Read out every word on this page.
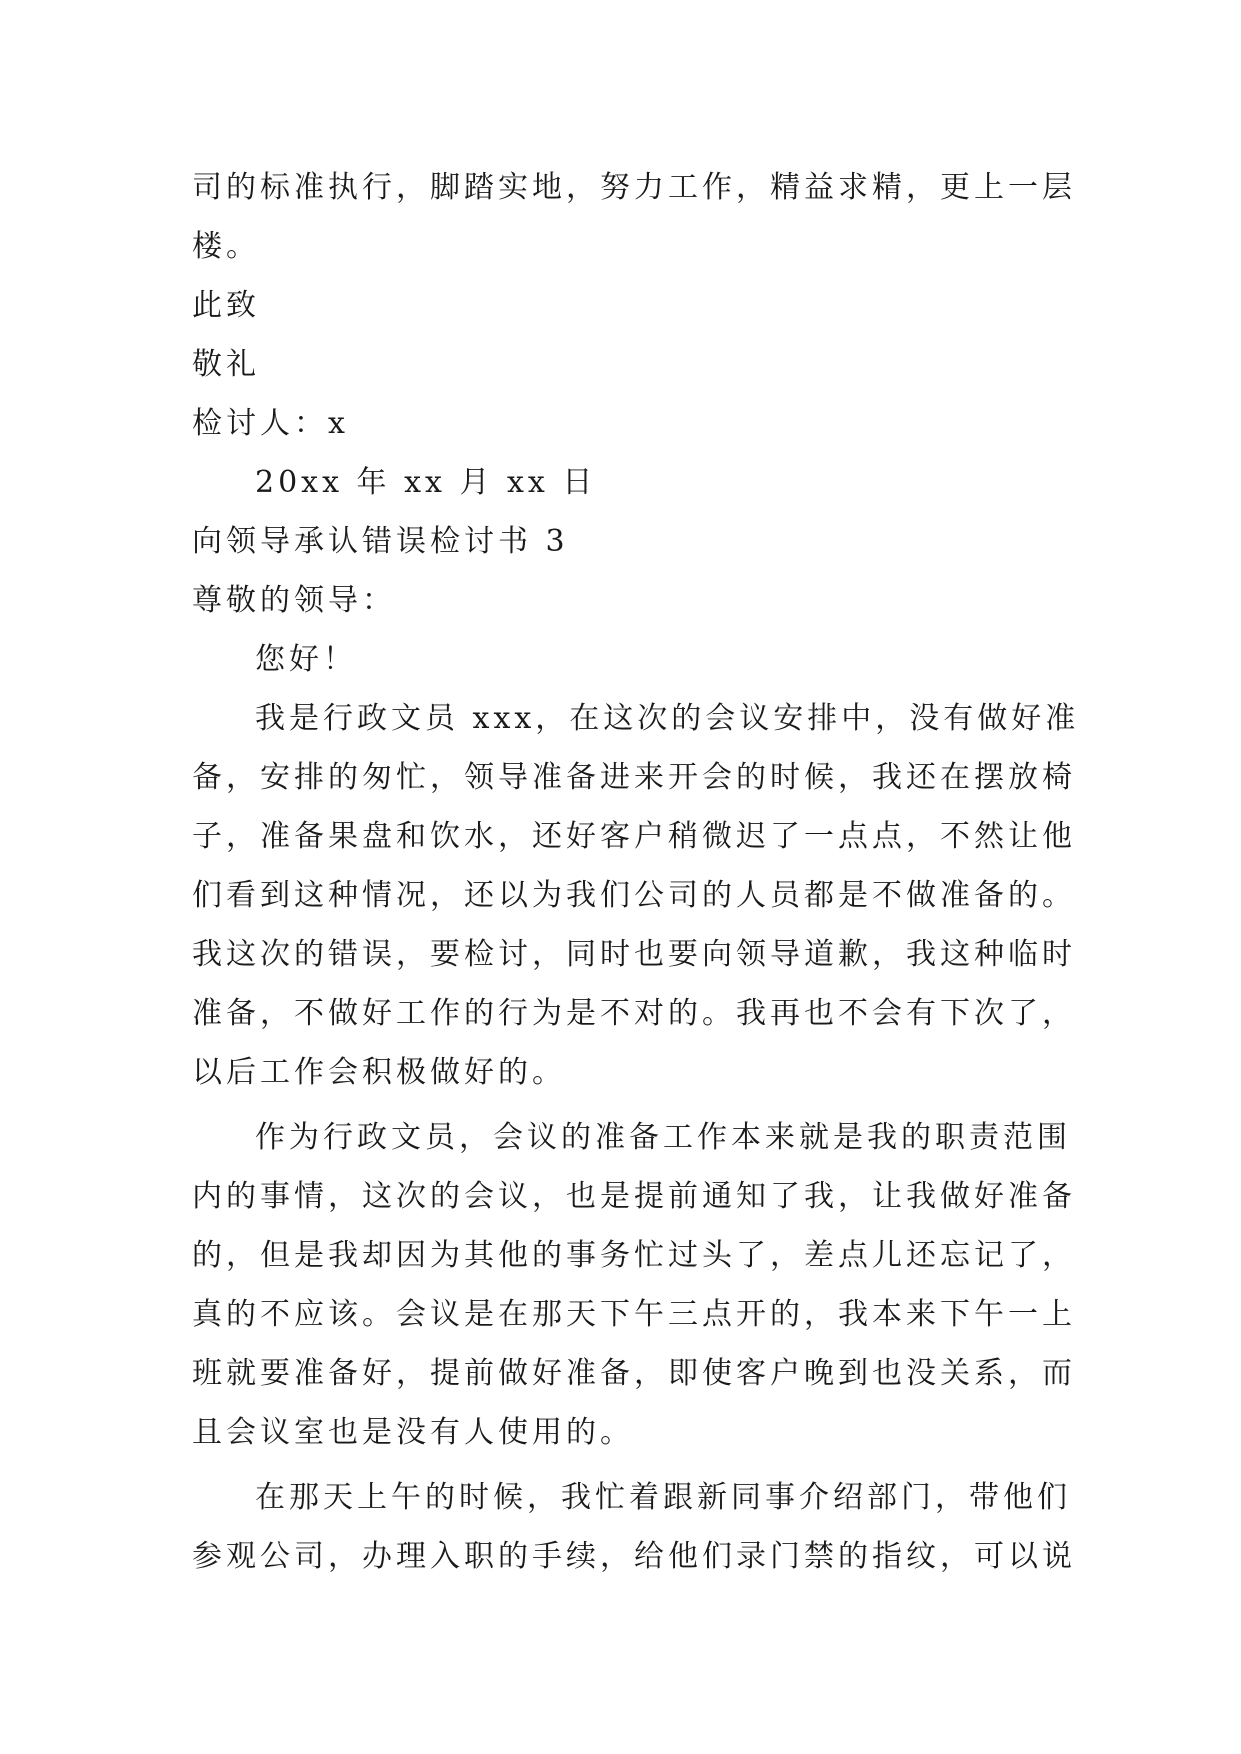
司的标准执行，脚踏实地，努力工作，精益求精，更上一层
楼。
此致
敬礼
检讨人：x
20xx 年 xx 月 xx 日
向领导承认错误检讨书 3
尊敬的领导：
您好！
我是行政文员 xxx，在这次的会议安排中，没有做好准
备，安排的匆忙，领导准备进来开会的时候，我还在摆放椅
子，准备果盘和饮水，还好客户稍微迟了一点点，不然让他
们看到这种情况，还以为我们公司的人员都是不做准备的。
我这次的错误，要检讨，同时也要向领导道歉，我这种临时
准备，不做好工作的行为是不对的。我再也不会有下次了，
以后工作会积极做好的。
作为行政文员，会议的准备工作本来就是我的职责范围
内的事情，这次的会议，也是提前通知了我，让我做好准备
的，但是我却因为其他的事务忙过头了，差点儿还忘记了，
真的不应该。会议是在那天下午三点开的，我本来下午一上
班就要准备好，提前做好准备，即使客户晚到也没关系，而
且会议室也是没有人使用的。
在那天上午的时候，我忙着跟新同事介绍部门，带他们
参观公司，办理入职的手续，给他们录门禁的指纹，可以说
